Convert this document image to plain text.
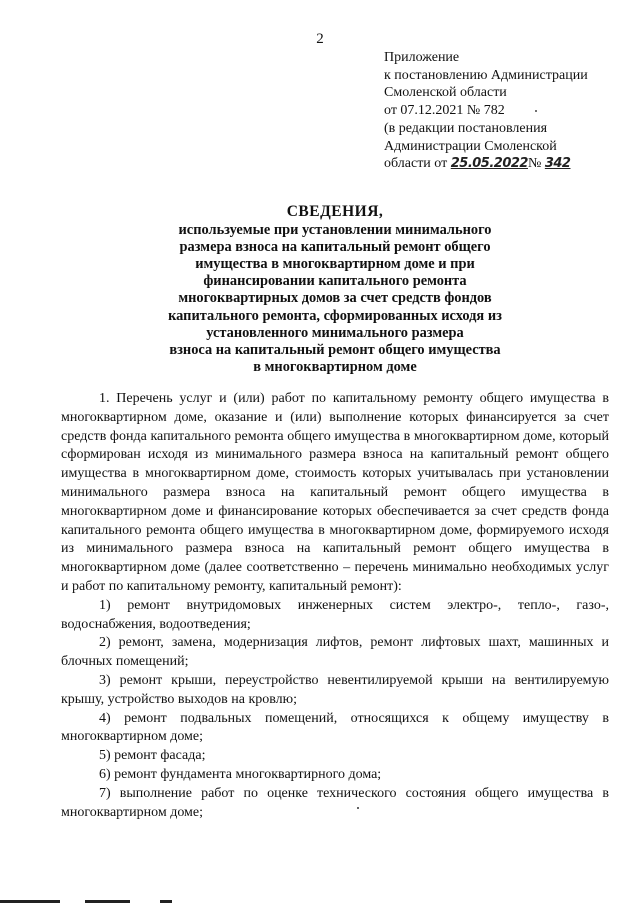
2
Приложение
к постановлению Администрации
Смоленской области
от 07.12.2021 № 782
(в редакции постановления
Администрации Смоленской
области от 25.05.2022№ 342
СВЕДЕНИЯ,
используемые при установлении минимального
размера взноса на капитальный ремонт общего
имущества в многоквартирном доме и при
финансировании капитального ремонта
многоквартирных домов за счет средств фондов
капитального ремонта, сформированных исходя из
установленного минимального размера
взноса на капитальный ремонт общего имущества
в многоквартирном доме

1. Перечень услуг и (или) работ по капитальному ремонту общего имущества в многоквартирном доме, оказание и (или) выполнение которых финансируется за счет средств фонда капитального ремонта общего имущества в многоквартирном доме, который сформирован исходя из минимального размера взноса на капитальный ремонт общего имущества в многоквартирном доме, стоимость которых учитывалась при установлении минимального размера взноса на капитальный ремонт общего имущества в многоквартирном доме и финансирование которых обеспечивается за счет средств фонда капитального ремонта общего имущества в многоквартирном доме, формируемого исходя из минимального размера взноса на капитальный ремонт общего имущества в многоквартирном доме (далее соответственно – перечень минимально необходимых услуг и работ по капитальному ремонту, капитальный ремонт):

1) ремонт внутридомовых инженерных систем электро-, тепло-, газо-, водоснабжения, водоотведения;

2) ремонт, замена, модернизация лифтов, ремонт лифтовых шахт, машинных и блочных помещений;

3) ремонт крыши, переустройство невентилируемой крыши на вентилируемую крышу, устройство выходов на кровлю;

4) ремонт подвальных помещений, относящихся к общему имуществу в многоквартирном доме;

5) ремонт фасада;

6) ремонт фундамента многоквартирного дома;

7) выполнение работ по оценке технического состояния общего имущества в многоквартирном доме;
